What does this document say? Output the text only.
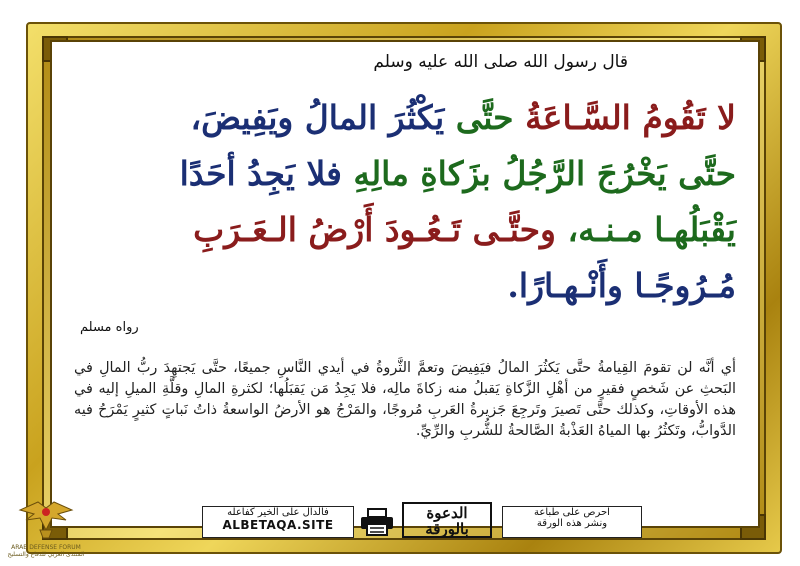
قال رسول الله صلى الله عليه وسلم
لا تَقُومُ السَّـاعَةُ حتَّى يَكْثُرَ المالُ ويَفِيضَ،
حتَّى يَخْرُجَ الرَّجُلُ بزَكاةِ مالِهِ فلا يَجِدُ أحَدًا
يَقْبَلُهـا مـنـه، وحتَّـى تَـعُـودَ أَرْضُ الـعَـرَبِ
مُـرُوجًـا وأَنْـهـارًا.
رواه مسلم
أي أنَّه لن تقومَ القِيامةُ حتَّى يَكثُرَ المالُ فيَفِيضَ وتعمَّ الثَّروةُ في أيدي النَّاسِ جميعًا، حتَّى يَجتهِدَ ربُّ المالِ في البَحثِ عن شَخصٍ فقيرٍ من أهْلِ الزَّكاةِ يَقبلُ منه زكاةَ مالِه، فلا يَجِدُ مَن يَقبَلُها؛ لكثرةِ المالِ وقلَّةِ الميلِ إليه في هذه الأوقاتِ، وكذلك حتَّى تَصيرَ وتَرجِعَ جَزيرةُ العَربِ مُروجًا، والمَرْجُ هو الأرضُ الواسعةُ ذاتُ نَباتٍ كثيرٍ يَمْرَحُ فيه الدَّوابُّ، وتَكثُرُ بها المياهُ العَذْبةُ الصَّالحةُ للشُّربِ والرِّيِّ.
فالدال على الخير كفاعله
ALBETAQA.SITE
الدعوة
بالورقة
احرص على طباعة
ونشر هذه الورقة
ARAB DEFENSE FORUM
المنتدى العربي للدفاع والتسليح
